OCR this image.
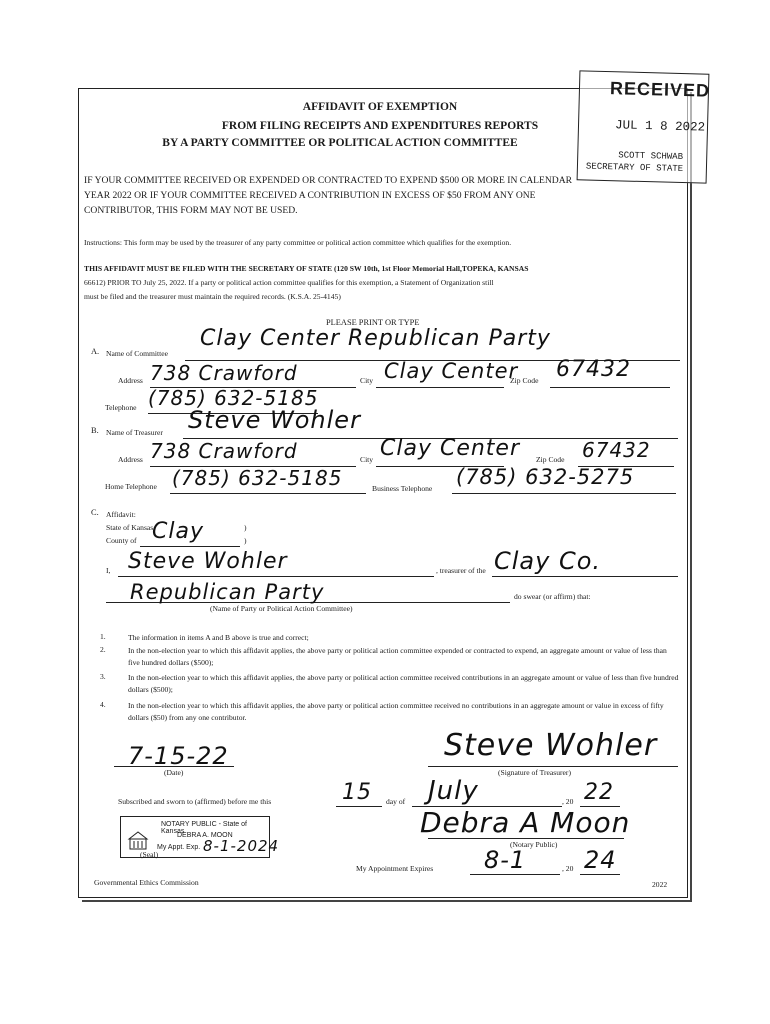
RECEIVED
JUL 1 8 2022
SCOTT SCHWAB
SECRETARY OF STATE
AFFIDAVIT OF EXEMPTION
FROM FILING RECEIPTS AND EXPENDITURES REPORTS
BY A PARTY COMMITTEE OR POLITICAL ACTION COMMITTEE
IF YOUR COMMITTEE RECEIVED OR EXPENDED OR CONTRACTED TO EXPEND $500 OR MORE IN CALENDAR
YEAR 2022 OR IF YOUR COMMITTEE RECEIVED A CONTRIBUTION IN EXCESS OF $50 FROM ANY ONE
CONTRIBUTOR, THIS FORM MAY NOT BE USED.
Instructions: This form may be used by the treasurer of any party committee or political action committee which qualifies for the exemption.
THIS AFFIDAVIT MUST BE FILED WITH THE SECRETARY OF STATE (120 SW 10th, 1st Floor Memorial Hall,TOPEKA, KANSAS
66612) PRIOR TO July 25, 2022. If a party or political action committee qualifies for this exemption, a Statement of Organization still
must be filed and the treasurer must maintain the required records. (K.S.A. 25-4145)
PLEASE PRINT OR TYPE
A. Name of Committee
Clay Center Republican Party
Address 738 Crawford	City Clay Center
Zip Code 67432
Telephone (785) 632-5185
B. Name of Treasurer Steve Wohler
Address 738 Crawford	City Clay Center Zip Code 67432
Home Telephone (785) 632-5185	Business Telephone (785) 632-5275
C. Affidavit:
State of Kansas	)
County of Clay	)
I, Steve Wohler	, treasurer of the Clay Co.
Republican Party	do swear (or affirm) that:
(Name of Party or Political Action Committee)
1.	The information in items A and B above is true and correct;
2.	In the non-election year to which this affidavit applies, the above party or political action committee expended or contracted to expend, an aggregate amount or value of less than five hundred dollars ($500);
3.	In the non-election year to which this affidavit applies, the above party or political action committee received contributions in an aggregate amount or value of less than five hundred dollars ($500);
4.	In the non-election year to which this affidavit applies, the above party or political action committee received no contributions in an aggregate amount or value in excess of fifty dollars ($50) from any one contributor.
7-15-22
(Date)
Steve Wohler
(Signature of Treasurer)
Subscribed and sworn to (affirmed) before me this	15 day of July	, 20 22
Debra A Moon
(Notary Public)
NOTARY PUBLIC - State of Kansas
DEBRA A. MOON
My Appt. Exp. 8-1-2024
(Seal)
My Appointment Expires 8-1	, 20 24
Governmental Ethics Commission	2022
